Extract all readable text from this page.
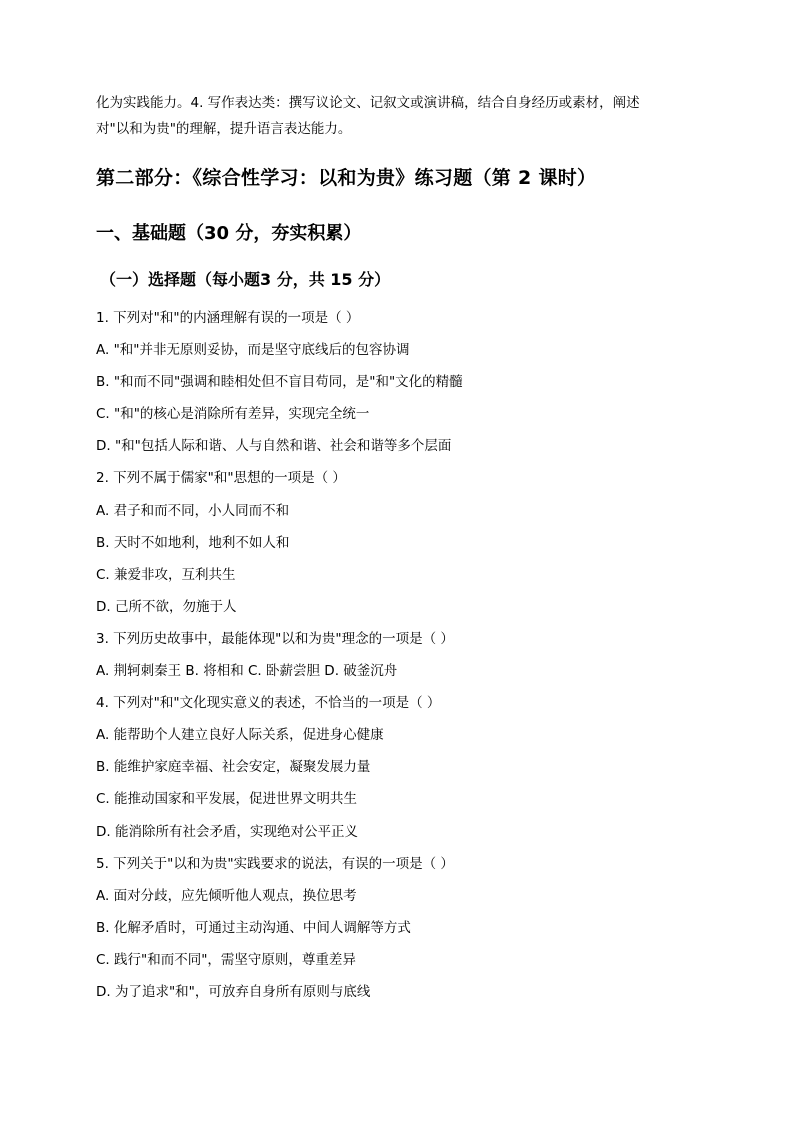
化为实践能力。4. 写作表达类：撰写议论文、记叙文或演讲稿，结合自身经历或素材，阐述

对"以和为贵"的理解，提升语言表达能力。

第二部分：《综合性学习：以和为贵》练习题（第 2 课时）
一、基础题（30 分，夯实积累）
（一）选择题（每小题3 分，共 15 分）
1. 下列对"和"的内涵理解有误的一项是（ ）
A. "和"并非无原则妥协，而是坚守底线后的包容协调
B. "和而不同"强调和睦相处但不盲目苟同，是"和"文化的精髓
C. "和"的核心是消除所有差异，实现完全统一
D. "和"包括人际和谐、人与自然和谐、社会和谐等多个层面
2. 下列不属于儒家"和"思想的一项是（ ）
A. 君子和而不同，小人同而不和
B. 天时不如地利，地利不如人和
C. 兼爱非攻，互利共生
D. 己所不欲，勿施于人
3. 下列历史故事中，最能体现"以和为贵"理念的一项是（ ）
A. 荆轲刺秦王 B. 将相和 C. 卧薪尝胆 D. 破釜沉舟
4. 下列对"和"文化现实意义的表述，不恰当的一项是（ ）
A. 能帮助个人建立良好人际关系，促进身心健康
B. 能维护家庭幸福、社会安定，凝聚发展力量
C. 能推动国家和平发展，促进世界文明共生
D. 能消除所有社会矛盾，实现绝对公平正义
5. 下列关于"以和为贵"实践要求的说法，有误的一项是（ ）
A. 面对分歧，应先倾听他人观点，换位思考
B. 化解矛盾时，可通过主动沟通、中间人调解等方式
C. 践行"和而不同"，需坚守原则，尊重差异
D. 为了追求"和"，可放弃自身所有原则与底线
